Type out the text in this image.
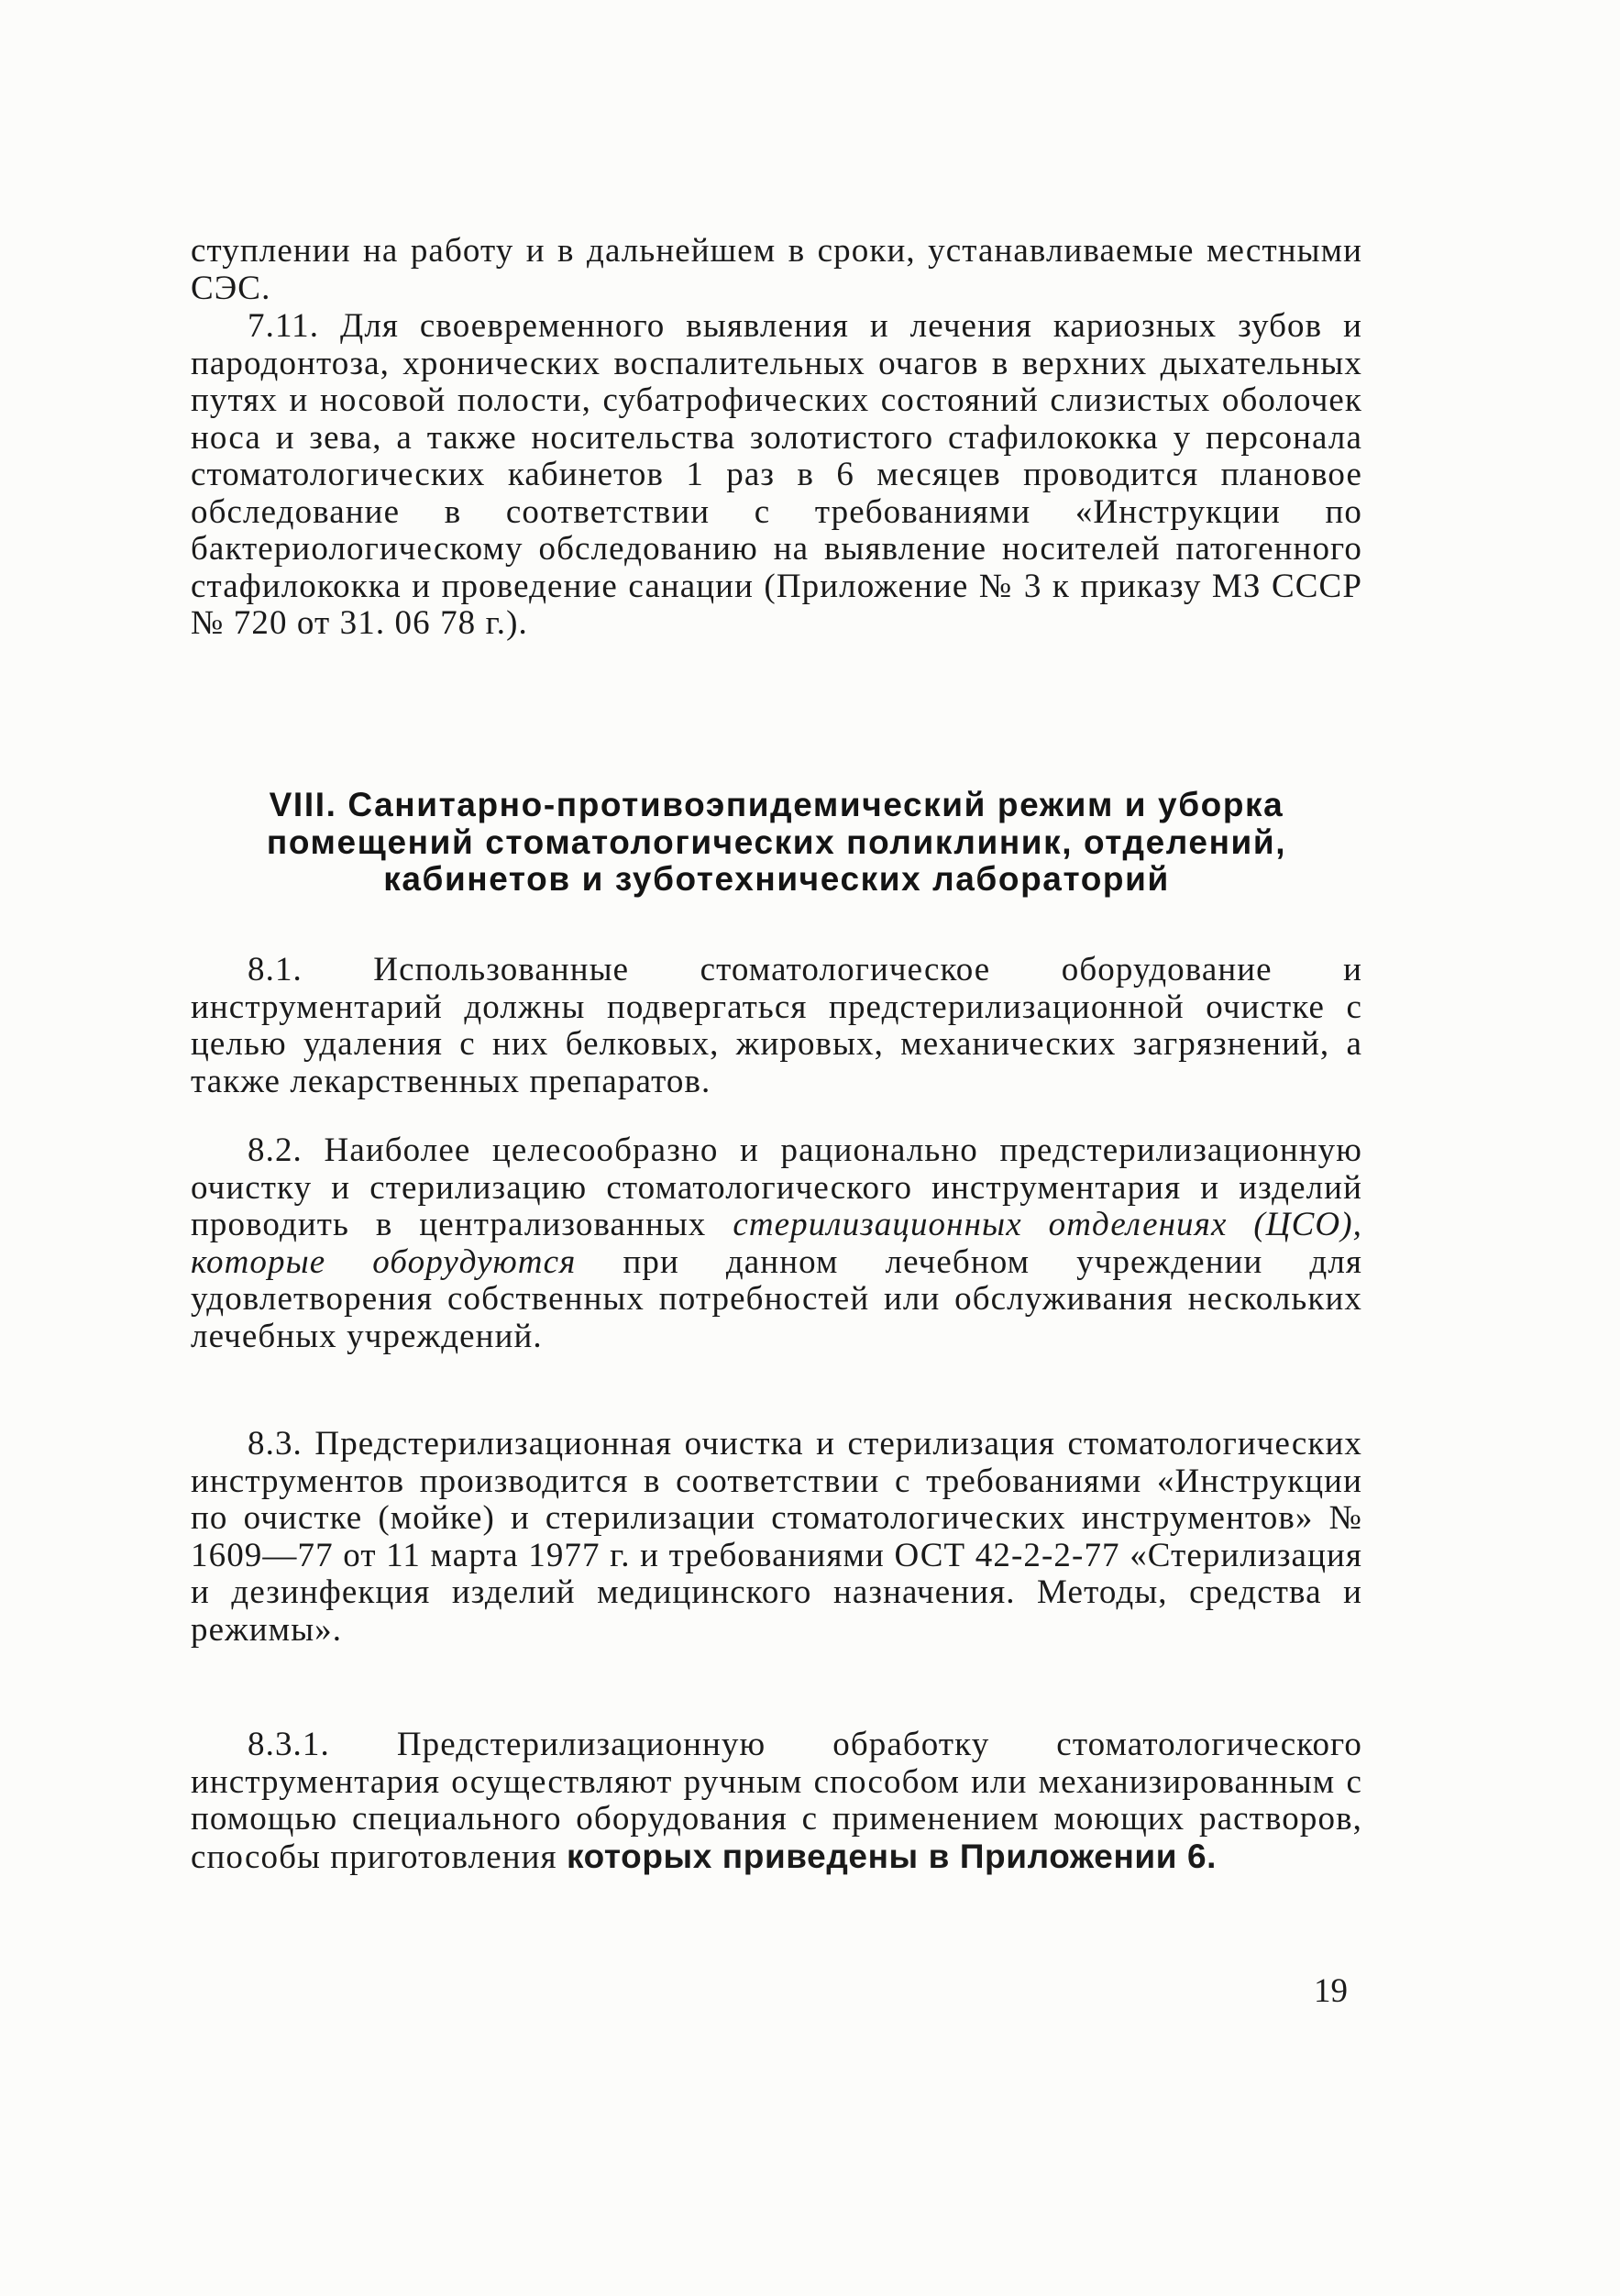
ступлении на работу и в дальнейшем в сроки, устанавливаемые местными СЭС.

7.11. Для своевременного выявления и лечения кариозных зубов и пародонтоза, хронических воспалительных очагов в верхних дыхательных путях и носовой полости, субатрофических состояний слизистых оболочек носа и зева, а также носительства золотистого стафилококка у персонала стоматологических кабинетов 1 раз в 6 месяцев проводится плановое обследование в соответствии с требованиями «Инструкции по бактериологическому обследованию на выявление носителей патогенного стафилококка и проведение санации (Приложение № 3 к приказу МЗ СССР № 720 от 31. 06 78 г.).

VIII. Санитарно-противоэпидемический режим и уборка помещений стоматологических поликлиник, отделений, кабинетов и зуботехнических лабораторий

8.1. Использованные стоматологическое оборудование и инструментарий должны подвергаться предстерилизационной очистке с целью удаления с них белковых, жировых, механических загрязнений, а также лекарственных препаратов.

8.2. Наиболее целесообразно и рационально предстерилизационную очистку и стерилизацию стоматологического инструментария и изделий проводить в централизованных стерилизационных отделениях (ЦСО), которые оборудуются при данном лечебном учреждении для удовлетворения собственных потребностей или обслуживания нескольких лечебных учреждений.

8.3. Предстерилизационная очистка и стерилизация стоматологических инструментов производится в соответствии с требованиями «Инструкции по очистке (мойке) и стерилизации стоматологических инструментов» № 1609—77 от 11 марта 1977 г. и требованиями ОСТ 42-2-2-77 «Стерилизация и дезинфекция изделий медицинского назначения. Методы, средства и режимы».

8.3.1. Предстерилизационную обработку стоматологического инструментария осуществляют ручным способом или механизированным с помощью специального оборудования с применением моющих растворов, способы приготовления которых приведены в Приложении 6.

19
